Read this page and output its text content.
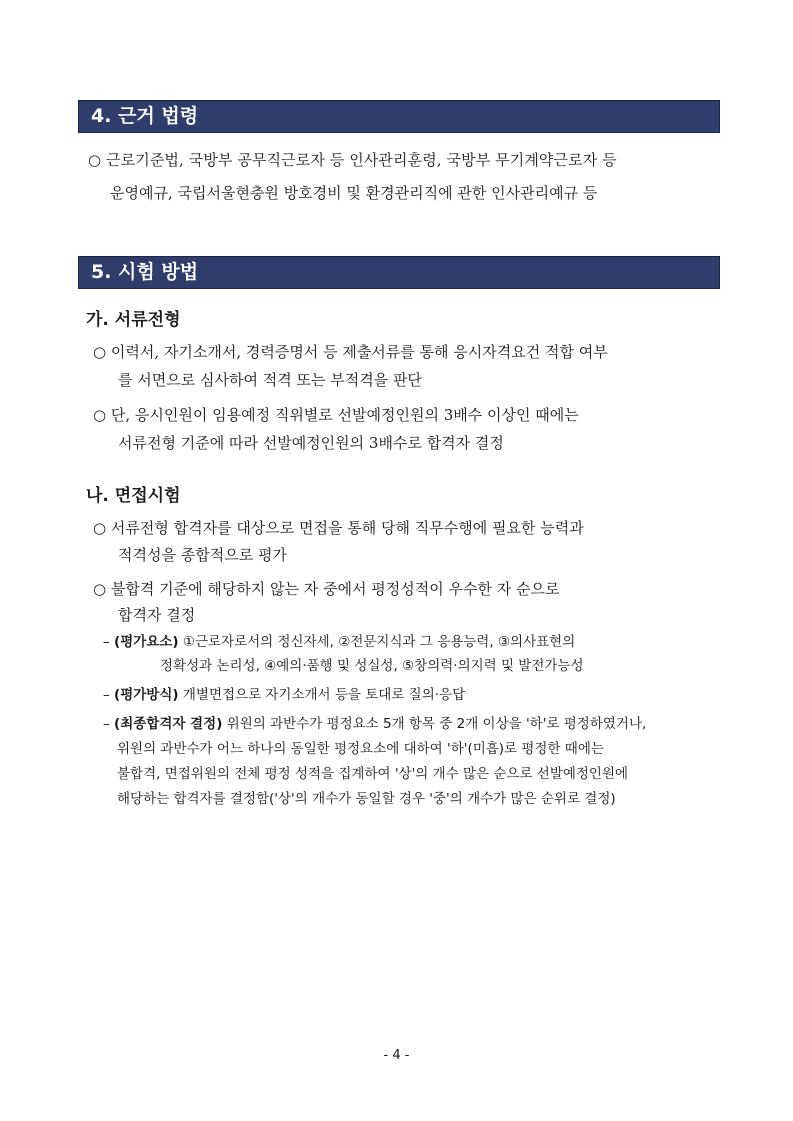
4. 근거 법령
○ 근로기준법, 국방부 공무직근로자 등 인사관리훈령, 국방부 무기계약근로자 등
운영예규, 국립서울현충원 방호경비 및 환경관리직에 관한 인사관리예규 등
5. 시험 방법
가. 서류전형
○ 이력서, 자기소개서, 경력증명서 등 제출서류를 통해 응시자격요건 적합 여부
를 서면으로 심사하여 적격 또는 부적격을 판단
○ 단, 응시인원이 임용예정 직위별로 선발예정인원의 3배수 이상인 때에는
서류전형 기준에 따라 선발예정인원의 3배수로 합격자 결정
나. 면접시험
○ 서류전형 합격자를 대상으로 면접을 통해 당해 직무수행에 필요한 능력과
적격성을 종합적으로 평가
○ 불합격 기준에 해당하지 않는 자 중에서 평정성적이 우수한 자 순으로
합격자 결정
– (평가요소) ①근로자로서의 정신자세, ②전문지식과 그 응용능력, ③의사표현의
정확성과 논리성, ④예의·품행 및 성실성, ⑤창의력·의지력 및 발전가능성
– (평가방식) 개별면접으로 자기소개서 등을 토대로 질의·응답
– (최종합격자 결정) 위원의 과반수가 평정요소 5개 항목 중 2개 이상을 '하'로 평정하였거나,
위원의 과반수가 어느 하나의 동일한 평정요소에 대하여 '하'(미흡)로 평정한 때에는
불합격, 면접위원의 전체 평정 성적을 집계하여 '상'의 개수 많은 순으로 선발예정인원에
해당하는 합격자를 결정함('상'의 개수가 동일할 경우 '중'의 개수가 많은 순위로 결정)
- 4 -
